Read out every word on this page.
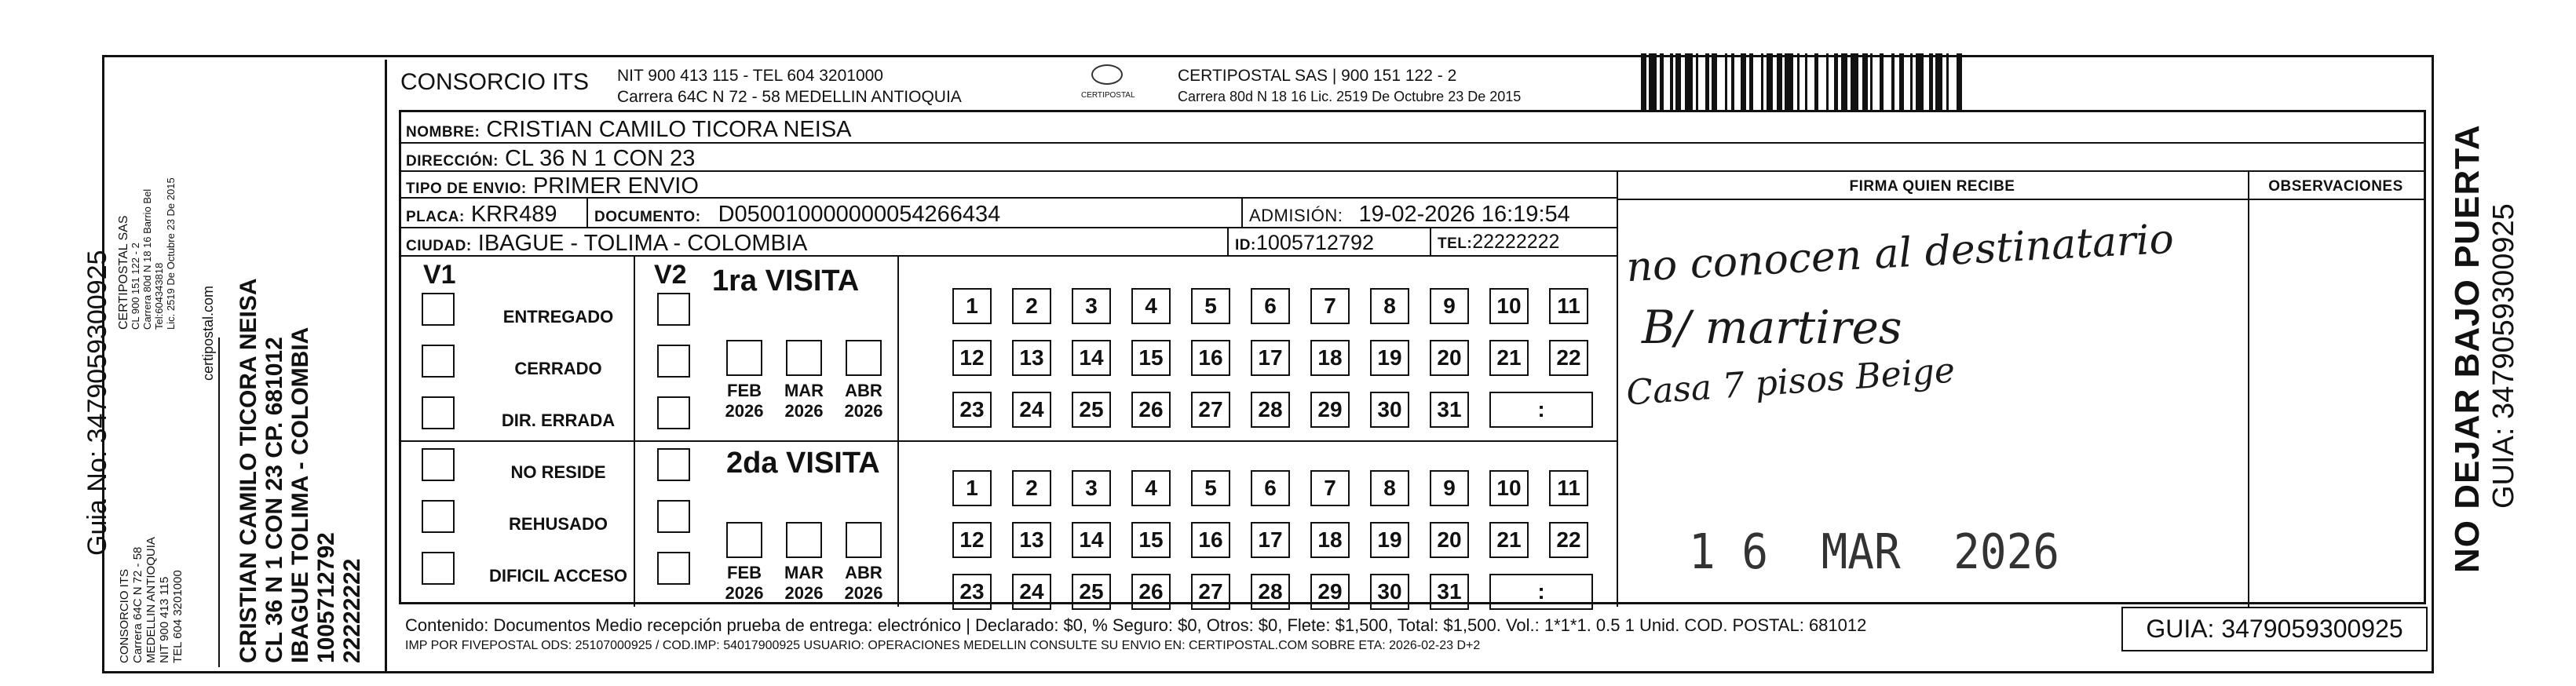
Guia No: 3479059300925
CONSORCIO ITS Carrera 64C N 72 - 58 MEDELLIN ANTIOQUIA NIT 900 413 115 TEL 604 3201000
CERTIPOSTAL SAS CL 900 151 122 - 2 Carrera 80d N 18 16 Barrio Bel Tel:604343818 Lic. 2519 De Octubre 23 De 2015
certipostal.com CRISTIAN CAMILO TICORA NEISA CL 36 N 1 CON 23 CP. 681012 IBAGUE TOLIMA - COLOMBIA 1005712792 22222222
CONSORCIO ITS NIT 900 413 115 - TEL 604 3201000
Carrera 64C N 72 - 58 MEDELLIN ANTIOQUIA	CERTIPOSTAL
CERTIPOSTAL SAS | 900 151 122 - 2
Carrera 80d N 18 16 Lic. 2519 De Octubre 23 De 2015
NOMBRE: CRISTIAN CAMILO TICORA NEISA
DIRECCIÓN: CL 36 N 1 CON 23
TIPO DE ENVIO: PRIMER ENVIO
PLACA: KRR489	DOCUMENTO: D050010000000054266434	ADMISIÓN: 19-02-2026 16:19:54
CIUDAD: IBAGUE - TOLIMA - COLOMBIA	ID:1005712792	TEL:22222222
FIRMA QUIEN RECIBE	OBSERVACIONES
V1	V2 1ra VISITA
2da VISITA
ENTREGADO
CERRADO
DIR. ERRADA
NO RESIDE
REHUSADO
DIFICIL ACCESO
FEB
2026
MAR
2026
ABR
2026
FEB
2026
MAR
2026
ABR
2026
1	2	3	4	5	6	7	8	9	10	11
12	13	14	15	16	17	18	19	20	21	22
23	24	25	26	27	28	29	30	31	:
1	2	3	4	5	6	7	8	9	10	11
12	13	14	15	16	17	18	19	20	21	22
23	24	25	26	27	28	29	30	31	:
no conocen al destinatario
B/ martires
Casa 7 pisos Beige
1 6  MAR  2026
Contenido: Documentos Medio recepción prueba de entrega: electrónico | Declarado: $0, % Seguro: $0, Otros: $0, Flete: $1,500, Total: $1,500. Vol.: 1*1*1. 0.5 1 Unid. COD. POSTAL: 681012
IMP POR FIVEPOSTAL ODS: 25107000925 / COD.IMP: 54017900925 USUARIO: OPERACIONES MEDELLIN CONSULTE SU ENVIO EN: CERTIPOSTAL.COM SOBRE ETA: 2026-02-23 D+2
GUIA: 3479059300925
NO DEJAR BAJO PUERTA GUIA: 3479059300925
